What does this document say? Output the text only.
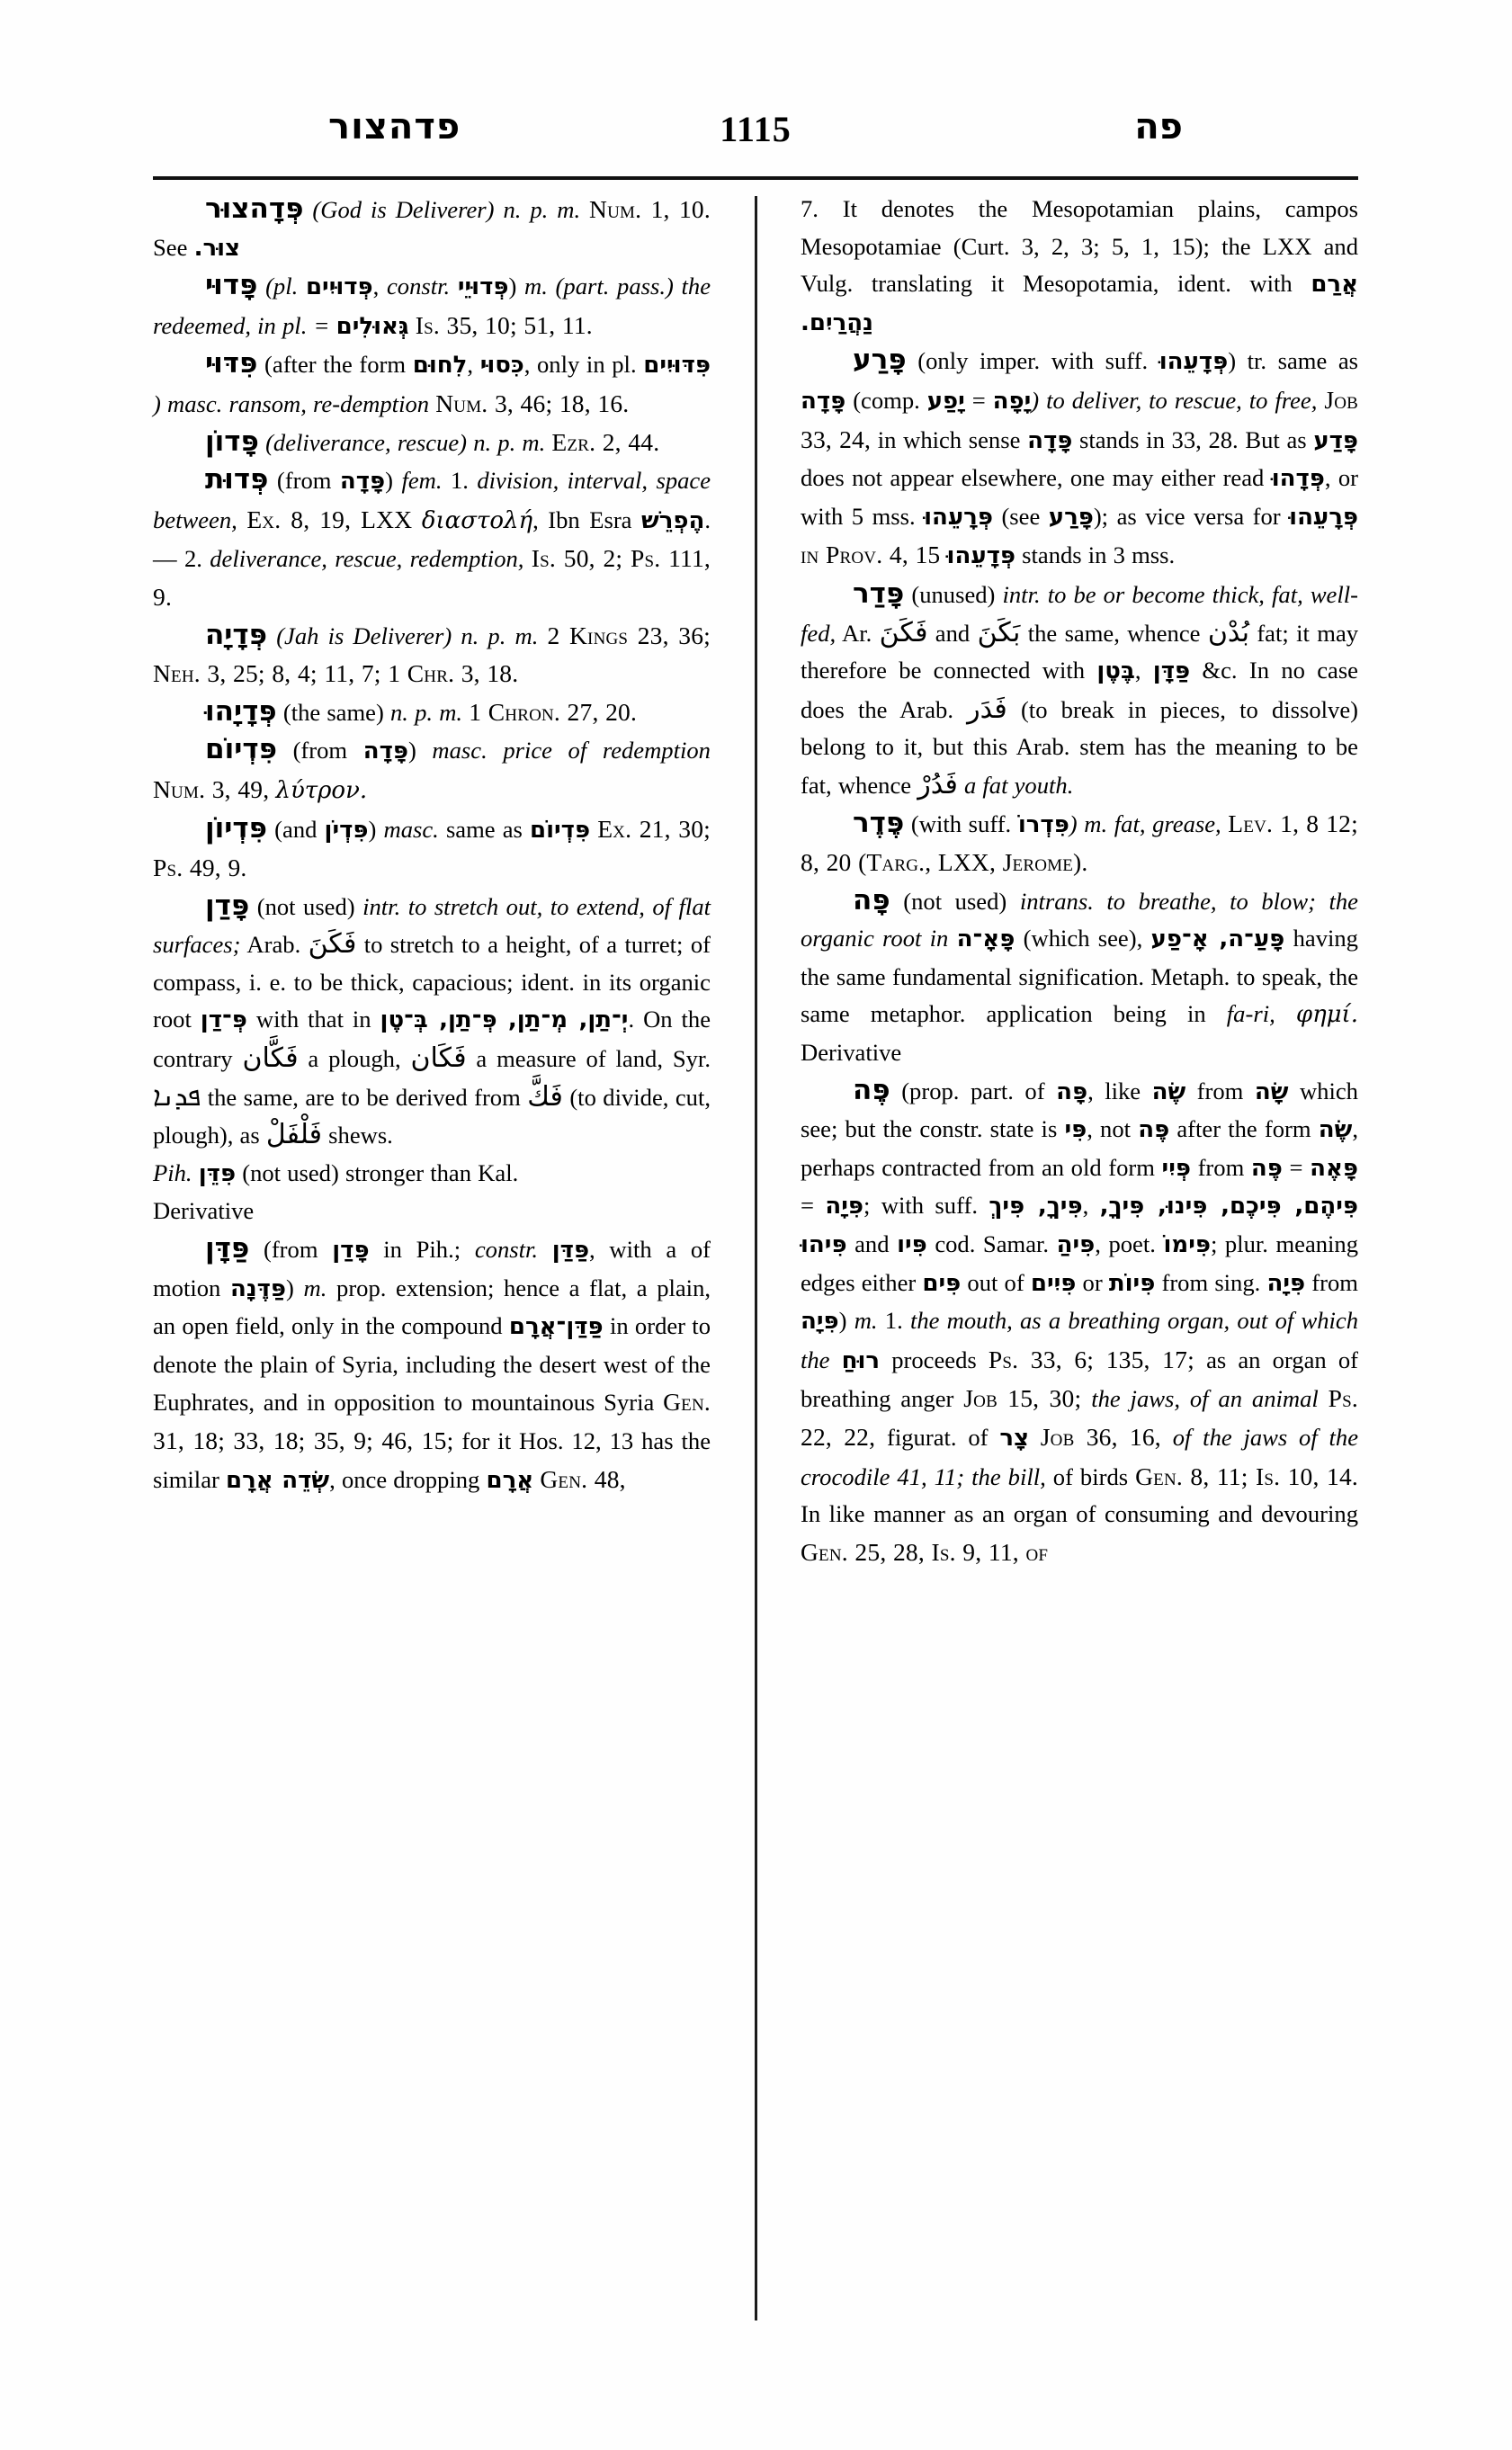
פדהצור	1115	פה

פְּדָהצוּר (God is Deliverer) n. p. m. Num. 1, 10. See צוּר.

פָּדוּי (pl. פְּדוּיִים, constr. פְּדוּיֵי) m. (part. pass.) the redeemed, in pl. = גְּאוּלִים Is. 35, 10; 51, 11.

פִּדּוּי (after the form לִחוּם, כִּסוּי, only in pl. פִּדּוּיִים ) masc. ransom, re-demption Num. 3, 46; 18, 16.

פָּדוֹן (deliverance, rescue) n. p. m. Ezr. 2, 44.

פְּדוּת (from פָּדָה) fem. 1. division, interval, space between, Ex. 8, 19, LXX διαστολή, Ibn Esra הֶפְרֵשׁ. — 2. deliverance, rescue, redemption, Is. 50, 2; Ps. 111, 9.

פְּדָיָה (Jah is Deliverer) n. p. m. 2 Kings 23, 36; Neh. 3, 25; 8, 4; 11, 7; 1 Chr. 3, 18.

פְּדָיָהוּ (the same) n. p. m. 1 Chron. 27, 20.

פִּדְיוֹם (from פָּדָה) masc. price of redemption Num. 3, 49, λύτρον.

פִּדְיוֹן (and פִּדְיֹן) masc. same as פִּדְיוֹם Ex. 21, 30; Ps. 49, 9.

פָּדַן (not used) intr. to stretch out, to extend, of flat surfaces; Arab. فَكَنَ to stretch to a height, of a turret; of compass, i. e. to be thick, capacious; ident. in its organic root פְּ־דַן with that in יְ־תַן, מְ־תַן, פְּ־תַן, בְּ־טֶן. On the contrary فَكَّان a plough, فَكَان a measure of land, Syr. ܦܕܢܐ the same, are to be derived from فَكَّ (to divide, cut, plough), as فَلْفَلْ shews.

Pih. פִּדֵּן (not used) stronger than Kal.

Derivative

פַּדָּן (from פָּדַן in Pih.; constr. פַּדַּן, with a of motion פַּדֶּנָה) m. prop. extension; hence a flat, a plain, an open field, only in the compound פַּדַּן־אֲרָם in order to denote the plain of Syria, including the desert west of the Euphrates, and in opposition to mountainous Syria Gen. 31, 18; 33, 18; 35, 9; 46, 15; for it Hos. 12, 13 has the similar שְׂדֵה אֲרָם, once dropping אֲרָם Gen. 48,

7. It denotes the Mesopotamian plains, campos Mesopotamiae (Curt. 3, 2, 3; 5, 1, 15); the LXX and Vulg. translating it Mesopotamia, ident. with אֲרַם נַהֲרַיִם.

פָּרַע (only imper. with suff. פְּדָעֵהוּ) tr. same as פָּדָה (comp. יָפַע = יָפָה) to deliver, to rescue, to free, Job 33, 24, in which sense פָּדָה stands in 33, 28. But as פָּדַע does not appear elsewhere, one may either read פְּדָהוּ, or with 5 mss. פְּרָעֵהוּ (see פָּרַע); as vice versa for פְּרָעֵהוּ in Prov. 4, 15 פְּדָעֵהוּ stands in 3 mss.

פָּדַר (unused) intr. to be or become thick, fat, well-fed, Ar. فَكَنَ and بَكَنَ the same, whence بُدْن fat; it may therefore be connected with בֶּטֶן, פַּדָּן &c. In no case does the Arab. فَدَر (to break in pieces, to dissolve) belong to it, but this Arab. stem has the meaning to be fat, whence فَدُرْ a fat youth.

פֶּדֶר (with suff. פִּדְרוֹ) m. fat, grease, Lev. 1, 8 12; 8, 20 (Targ., LXX, Jerome).

פָּה (not used) intrans. to breathe, to blow; the organic root in פָּאָ־ה (which see), פָּעַ־ה, אָ־פַע having the same fundamental signification. Metaph. to speak, the same metaphor. application being in fa-ri, φημί. Derivative

פֶּה (prop. part. of פָּה, like שֶׂה from שָׂה which see; but the constr. state is פִּי, not פֶּה after the form שֶׂה, perhaps contracted from an old form פְּיִי from פֶּה = פָּאֶה = פִּיָה; with suff. פִּיךָ, פִּיךְ, פִּיהֶם, פִּיכֶם, פִּינוּ, פִּיךָ, פִּיהוּ and פִּיו cod. Samar. פִּיהַ, poet. פִּימוֹ; plur. meaning edges either פִּים out of פִּיִים or פִּיוֹת from sing. פִּיָה from פִּיָה) m. 1. the mouth, as a breathing organ, out of which the רוּחַ proceeds Ps. 33, 6; 135, 17; as an organ of breathing anger Job 15, 30; the jaws, of an animal Ps. 22, 22, figurat. of צָר Job 36, 16, of the jaws of the crocodile 41, 11; the bill, of birds Gen. 8, 11; Is. 10, 14. In like manner as an organ of consuming and devouring Gen. 25, 28, Is. 9, 11, of
